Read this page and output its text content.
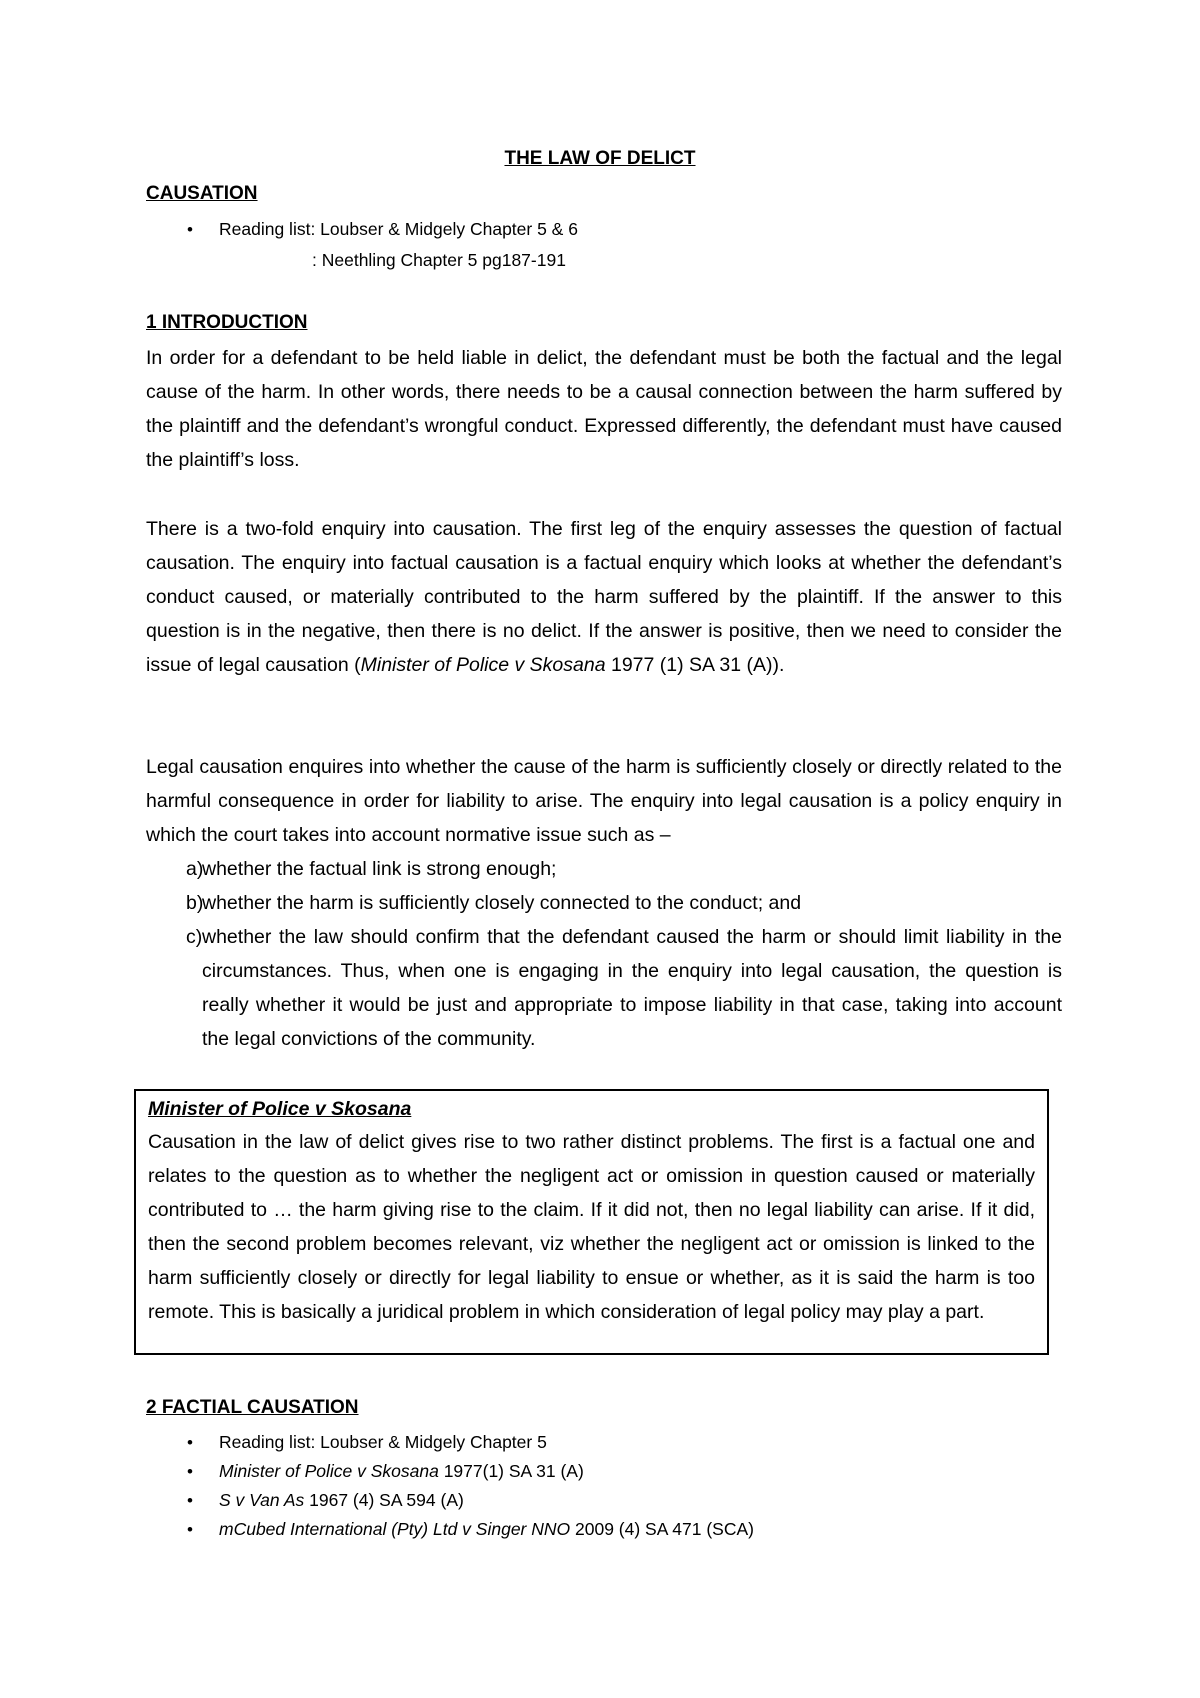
THE LAW OF DELICT
CAUSATION
• Reading list: Loubser & Midgely Chapter 5 & 6
: Neethling Chapter 5 pg187-191
1 INTRODUCTION

In order for a defendant to be held liable in delict, the defendant must be both the factual and the legal cause of the harm. In other words, there needs to be a causal connection between the harm suffered by the plaintiff and the defendant’s wrongful conduct. Expressed differently, the defendant must have caused the plaintiff’s loss.

There is a two-fold enquiry into causation. The first leg of the enquiry assesses the question of factual causation. The enquiry into factual causation is a factual enquiry which looks at whether the defendant’s conduct caused, or materially contributed to the harm suffered by the plaintiff. If the answer to this question is in the negative, then there is no delict. If the answer is positive, then we need to consider the issue of legal causation (Minister of Police v Skosana 1977 (1) SA 31 (A)).

Legal causation enquires into whether the cause of the harm is sufficiently closely or directly related to the harmful consequence in order for liability to arise. The enquiry into legal causation is a policy enquiry in which the court takes into account normative issue such as –

a)
whether the factual link is strong enough;
b)
whether the harm is sufficiently closely connected to the conduct; and
c) whether the law should confirm that the defendant caused the harm or should limit liability in the circumstances. Thus, when one is engaging in the enquiry into legal causation, the question is really whether it would be just and appropriate to impose liability in that case, taking into account the legal convictions of the community.
Minister of Police v Skosana

Causation in the law of delict gives rise to two rather distinct problems. The first is a factual one and relates to the question as to whether the negligent act or omission in question caused or materially contributed to … the harm giving rise to the claim. If it did not, then no legal liability can arise. If it did, then the second problem becomes relevant, viz whether the negligent act or omission is linked to the harm sufficiently closely or directly for legal liability to ensue or whether, as it is said the harm is too remote. This is basically a juridical problem in which consideration of legal policy may play a part.

2 FACTIAL CAUSATION
• Reading list: Loubser & Midgely Chapter 5
• Minister of Police v Skosana 1977(1) SA 31 (A)
• S v Van As 1967 (4) SA 594 (A)
• mCubed International (Pty) Ltd v Singer NNO 2009 (4) SA 471 (SCA)
